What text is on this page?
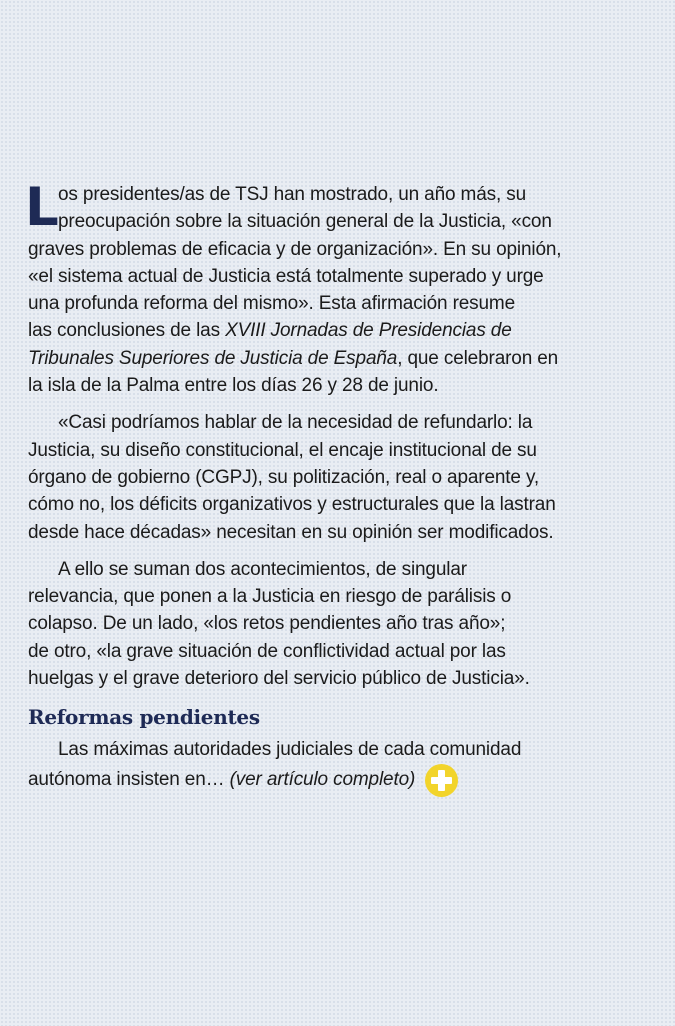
L os presidentes/as de TSJ han mostrado, un año más, su
preocupación sobre la situación general de la Justicia, «con
graves problemas de eficacia y de organización». En su opinión,
«el sistema actual de Justicia está totalmente superado y urge
una profunda reforma del mismo». Esta afirmación resume
las conclusiones de las XVIII Jornadas de Presidencias de
Tribunales Superiores de Justicia de España, que celebraron en
la isla de la Palma entre los días 26 y 28 de junio.

«Casi podríamos hablar de la necesidad de refundarlo: la
Justicia, su diseño constitucional, el encaje institucional de su
órgano de gobierno (CGPJ), su politización, real o aparente y,
cómo no, los déficits organizativos y estructurales que la lastran
desde hace décadas» necesitan en su opinión ser modificados.

A ello se suman dos acontecimientos, de singular
relevancia, que ponen a la Justicia en riesgo de parálisis o
colapso. De un lado, «los retos pendientes año tras año»;
de otro, «la grave situación de conflictividad actual por las
huelgas y el grave deterioro del servicio público de Justicia».

Reformas pendientes

Las máximas autoridades judiciales de cada comunidad
autónoma insisten en… (ver artículo completo)
